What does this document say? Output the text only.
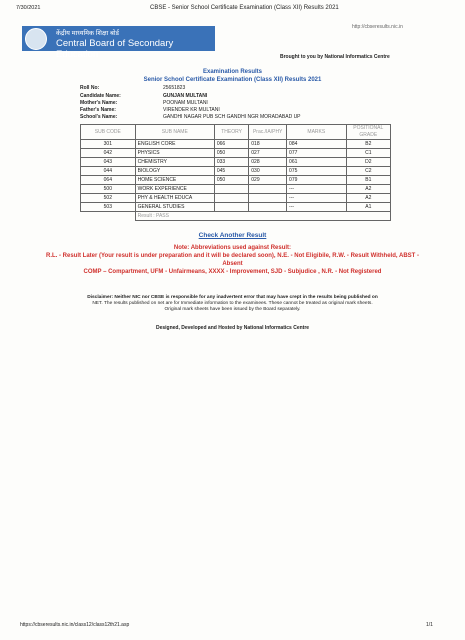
7/30/2021	CBSE - Senior School Certificate Examination (Class XII) Results 2021
http://cbseresults.nic.in
केंद्रीय माध्यमिक शिक्षा बोर्ड
Central Board of Secondary Education	Brought to you by National Informatics Centre
Examination Results
Senior School Certificate Examination (Class XII) Results 2021
Roll No:	25651823
Candidate Name:	GUNJAN MULTANI
Mother's Name:	POONAM MULTANI
Father's Name:	VIRENDER KR MULTANI
School's Name:	GANDHI NAGAR PUB SCH GANDHI NGR MORADABAD UP
SUB CODE	SUB NAME	THEORY	Prac./IA/PHY	MARKS	POSITIONAL GRADE
301	ENGLISH CORE	066	018	084	B2
042	PHYSICS	050	027	077	C1
043	CHEMISTRY	033	028	061	D2
044	BIOLOGY	045	030	075	C2
064	HOME SCIENCE	050	029	079	B1
500	WORK EXPERIENCE			---	A2
502	PHY & HEALTH EDUCA			---	A2
503	GENERAL STUDIES			---	A1
	Result : PASS				
Check Another Result
Note: Abbreviations used against Result:
R.L. - Result Later (Your result is under preparation and it will be declared soon), N.E. - Not Eligibile, R.W. - Result Withheld, ABST -
Absent
COMP – Compartment, UFM - Unfairmeans, XXXX - Improvement, SJD - Subjudice , N.R. - Not Registered
Disclaimer: Neither NIC nor CBSE is responsible for any inadvertent error that may have crept in the results being published on
NET. The results published on net are for Immediate information to the examinees. These cannot be treated as original mark sheets.
Original mark sheets have been issued by the Board separately.
Designed, Developed and Hosted by National Informatics Centre
https://cbseresults.nic.in/class12/class12th21.asp	1/1
